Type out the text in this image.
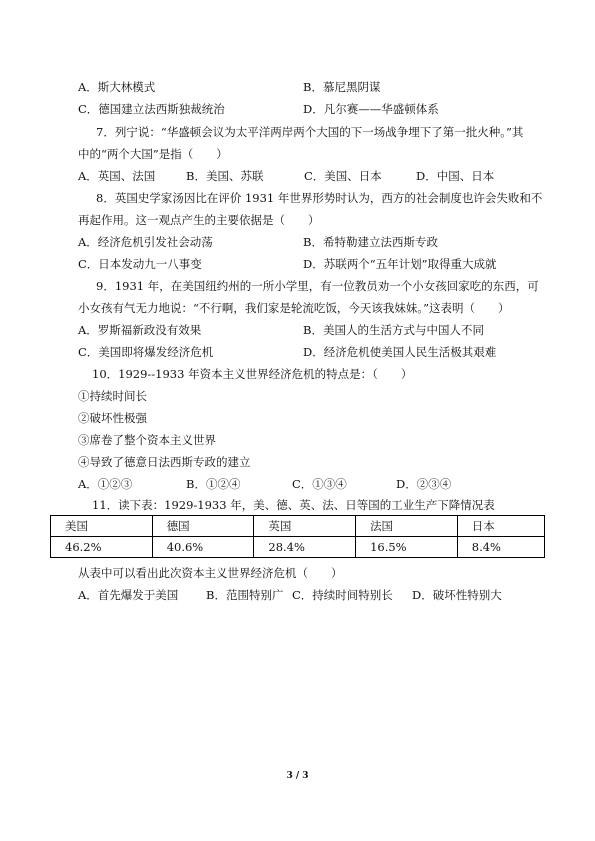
A．斯大林模式	B．慕尼黑阴谋
C．德国建立法西斯独裁统治	D．凡尔赛——华盛顿体系
7．列宁说：“华盛顿会议为太平洋两岸两个大国的下一场战争埋下了第一批火种。”其
中的“两个大国”是指（　　）
A．英国、法国	B．美国、苏联	C．美国、日本	D．中国、日本
8．英国史学家汤因比在评价 1931 年世界形势时认为，西方的社会制度也许会失败和不
再起作用。这一观点产生的主要依据是（　　）
A．经济危机引发社会动荡	B．希特勒建立法西斯专政
C．日本发动九一八事变	D．苏联两个“五年计划”取得重大成就
9．1931 年，在美国纽约州的一所小学里，有一位教员劝一个小女孩回家吃的东西，可
小女孩有气无力地说：“不行啊，我们家是轮流吃饭，今天该我妹妹。”这表明（　　）
A．罗斯福新政没有效果	B．美国人的生活方式与中国人不同
C．美国即将爆发经济危机	D．经济危机使美国人民生活极其艰难
10．1929--1933 年资本主义世界经济危机的特点是：（　　）
①持续时间长
②破坏性极强
③席卷了整个资本主义世界
④导致了德意日法西斯专政的建立
A．①②③	B．①②④	C．①③④	D．②③④
11．读下表：1929-1933 年，美、德、英、法、日等国的工业生产下降情况表
美国	德国	英国	法国	日本
46.2%	40.6%	28.4%	16.5%	8.4%
从表中可以看出此次资本主义世界经济危机（　　）
A．首先爆发于美国 B．范围特别广 C．持续时间特别长 D．破坏性特别大
3 / 3
